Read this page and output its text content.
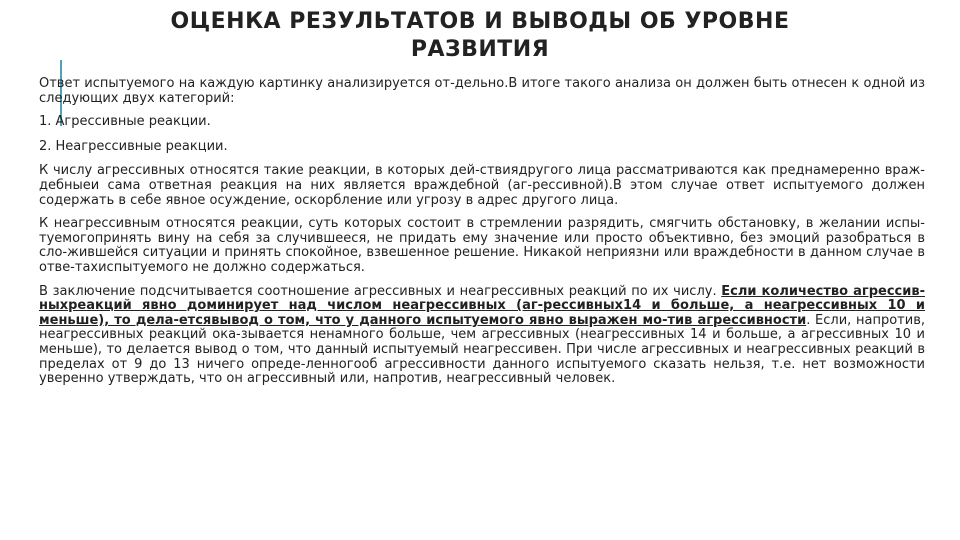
ОЦЕНКА РЕЗУЛЬТАТОВ И ВЫВОДЫ ОБ УРОВНЕ
РАЗВИТИЯ

Ответ испытуемого на каждую картинку анализируется от-дельно.В итоге такого анализа он должен быть отнесен к одной из следующих двух категорий:

1. Агрессивные реакции.

2. Неагрессивные реакции.

К числу агрессивных относятся такие реакции, в которых дей-ствиядругого лица рассматриваются как преднамеренно враж-дебныеи сама ответная реакция на них является враждебной (аг-рессивной).В этом случае ответ испытуемого должен содержать в себе явное осуждение, оскорбление или угрозу в адрес другого лица.

К неагрессивным относятся реакции, суть которых состоит в стремлении разрядить, смягчить обстановку, в желании испы-туемогопринять вину на себя за случившееся, не придать ему значение или просто объективно, без эмоций разобраться в сло-жившейся ситуации и принять спокойное, взвешенное решение. Никакой неприязни или враждебности в данном случае в отве-тахиспытуемого не должно содержаться.

В заключение подсчитывается соотношение агрессивных и неагрессивных реакций по их числу. Если количество агрессив-ныхреакций явно доминирует над числом неагрессивных (аг-рессивных14 и больше, а неагрессивных 10 и меньше), то дела-етсявывод о том, что у данного испытуемого явно выражен мо-тив агрессивности. Если, напротив, неагрессивных реакций ока-зывается ненамного больше, чем агрессивных (неагрессивных 14 и больше, а агрессивных 10 и меньше), то делается вывод о том, что данный испытуемый неагрессивен. При числе агрессивных и неагрессивных реакций в пределах от 9 до 13 ничего опреде-ленногооб агрессивности данного испытуемого сказать нельзя, т.е. нет возможности уверенно утверждать, что он агрессивный или, напротив, неагрессивный человек.
